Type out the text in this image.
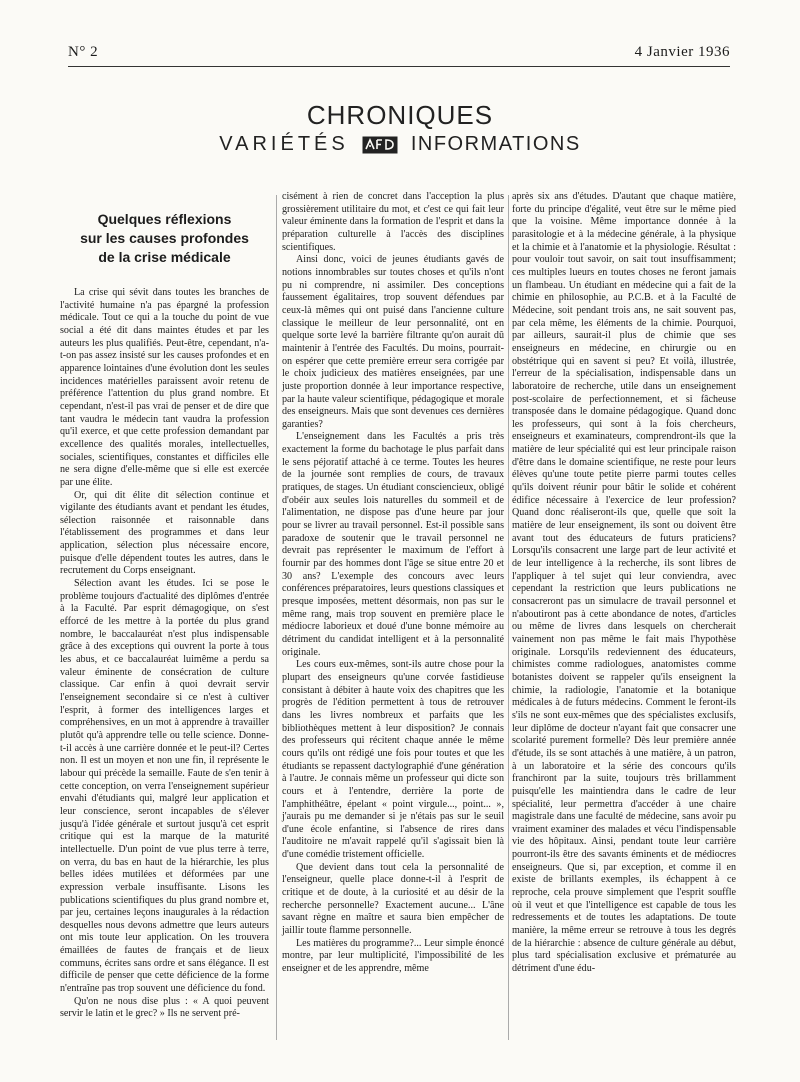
N° 2	4 Janvier 1936
CHRONIQUES
VARIÉTÉS	INFORMATIONS
Quelques réflexions
sur les causes profondes
de la crise médicale

La crise qui sévit dans toutes les branches de l'activité humaine n'a pas épargné la profession médicale. Tout ce qui a la touche du point de vue social a été dit dans maintes études et par les auteurs les plus qualifiés. Peut-être, cependant, n'a-t-on pas assez insisté sur les causes profondes et en apparence lointaines d'une évolution dont les seules incidences matérielles paraissent avoir retenu de préférence l'attention du plus grand nombre. Et cependant, n'est-il pas vrai de penser et de dire que tant vaudra le médecin tant vaudra la profession qu'il exerce, et que cette profession demandant par excellence des qualités morales, intellectuelles, sociales, scientifiques, constantes et difficiles elle ne sera digne d'elle-même que si elle est exercée par une élite.

Or, qui dit élite dit sélection continue et vigilante des étudiants avant et pendant les études, sélection raisonnée et raisonnable dans l'établissement des programmes et dans leur application, sélection plus nécessaire encore, puisque d'elle dépendent toutes les autres, dans le recrutement du Corps enseignant.

Sélection avant les études. Ici se pose le problème toujours d'actualité des diplômes d'entrée à la Faculté. Par esprit démagogique, on s'est efforcé de les mettre à la portée du plus grand nombre, le baccalauréat n'est plus indispensable grâce à des exceptions qui ouvrent la porte à tous les abus, et ce baccalauréat luimême a perdu sa valeur éminente de consécration de culture classique. Car enfin à quoi devrait servir l'enseignement secondaire si ce n'est à cultiver l'esprit, à former des intelligences larges et compréhensives, en un mot à apprendre à travailler plutôt qu'à apprendre telle ou telle science. Donne-t-il accès à une carrière donnée et le peut-il? Certes non. Il est un moyen et non une fin, il représente le labour qui précède la semaille. Faute de s'en tenir à cette conception, on verra l'enseignement supérieur envahi d'étudiants qui, malgré leur application et leur conscience, seront incapables de s'élever jusqu'à l'idée générale et surtout jusqu'à cet esprit critique qui est la marque de la maturité intellectuelle. D'un point de vue plus terre à terre, on verra, du bas en haut de la hiérarchie, les plus belles idées mutilées et déformées par une expression verbale insuffisante. Lisons les publications scientifiques du plus grand nombre et, par jeu, certaines leçons inaugurales à la rédaction desquelles nous devons admettre que leurs auteurs ont mis toute leur application. On les trouvera émaillées de fautes de français et de lieux communs, écrites sans ordre et sans élégance. Il est difficile de penser que cette déficience de la forme n'entraîne pas trop souvent une déficience du fond.

Qu'on ne nous dise plus : « A quoi peuvent servir le latin et le grec? » Ils ne servent pré-

cisément à rien de concret dans l'acception la plus grossièrement utilitaire du mot, et c'est ce qui fait leur valeur éminente dans la formation de l'esprit et dans la préparation culturelle à l'accès des disciplines scientifiques.

Ainsi donc, voici de jeunes étudiants gavés de notions innombrables sur toutes choses et qu'ils n'ont pu ni comprendre, ni assimiler. Des conceptions faussement égalitaires, trop souvent défendues par ceux-là mêmes qui ont puisé dans l'ancienne culture classique le meilleur de leur personnalité, ont en quelque sorte levé la barrière filtrante qu'on aurait dû maintenir à l'entrée des Facultés. Du moins, pourrait-on espérer que cette première erreur sera corrigée par le choix judicieux des matières enseignées, par une juste proportion donnée à leur importance respective, par la haute valeur scientifique, pédagogique et morale des enseigneurs. Mais que sont devenues ces dernières garanties?

L'enseignement dans les Facultés a pris très exactement la forme du bachotage le plus parfait dans le sens péjoratif attaché à ce terme. Toutes les heures de la journée sont remplies de cours, de travaux pratiques, de stages. Un étudiant consciencieux, obligé d'obéir aux seules lois naturelles du sommeil et de l'alimentation, ne dispose pas d'une heure par jour pour se livrer au travail personnel. Est-il possible sans paradoxe de soutenir que le travail personnel ne devrait pas représenter le maximum de l'effort à fournir par des hommes dont l'âge se situe entre 20 et 30 ans? L'exemple des concours avec leurs conférences préparatoires, leurs questions classiques et presque imposées, mettent désormais, non pas sur le même rang, mais trop souvent en première place le médiocre laborieux et doué d'une bonne mémoire au détriment du candidat intelligent et à la personnalité originale.

Les cours eux-mêmes, sont-ils autre chose pour la plupart des enseigneurs qu'une corvée fastidieuse consistant à débiter à haute voix des chapitres que les progrès de l'édition permettent à tous de retrouver dans les livres nombreux et parfaits que les bibliothèques mettent à leur disposition? Je connais des professeurs qui récitent chaque année le même cours qu'ils ont rédigé une fois pour toutes et que les étudiants se repassent dactylographié d'une génération à l'autre. Je connais même un professeur qui dicte son cours et à l'entendre, derrière la porte de l'amphithéâtre, épelant « point virgule..., point... », j'aurais pu me demander si je n'étais pas sur le seuil d'une école enfantine, si l'absence de rires dans l'auditoire ne m'avait rappelé qu'il s'agissait bien là d'une comédie tristement officielle.

Que devient dans tout cela la personnalité de l'enseigneur, quelle place donne-t-il à l'esprit de critique et de doute, à la curiosité et au désir de la recherche personnelle? Exactement aucune... L'âne savant règne en maître et saura bien empêcher de jaillir toute flamme personnelle.

Les matières du programme?... Leur simple énoncé montre, par leur multiplicité, l'impossibilité de les enseigner et de les apprendre, même

après six ans d'études. D'autant que chaque matière, forte du principe d'égalité, veut être sur le même pied que la voisine. Même importance donnée à la parasitologie et à la médecine générale, à la physique et la chimie et à l'anatomie et la physiologie. Résultat : pour vouloir tout savoir, on sait tout insuffisamment; ces multiples lueurs en toutes choses ne feront jamais un flambeau. Un étudiant en médecine qui a fait de la chimie en philosophie, au P.C.B. et à la Faculté de Médecine, soit pendant trois ans, ne sait souvent pas, par cela même, les éléments de la chimie. Pourquoi, par ailleurs, saurait-il plus de chimie que ses enseigneurs en médecine, en chirurgie ou en obstétrique qui en savent si peu? Et voilà, illustrée, l'erreur de la spécialisation, indispensable dans un laboratoire de recherche, utile dans un enseignement post-scolaire de perfectionnement, et si fâcheuse transposée dans le domaine pédagogique. Quand donc les professeurs, qui sont à la fois chercheurs, enseigneurs et examinateurs, comprendront-ils que la matière de leur spécialité qui est leur principale raison d'être dans le domaine scientifique, ne reste pour leurs élèves qu'une toute petite pierre parmi toutes celles qu'ils doivent réunir pour bâtir le solide et cohérent édifice nécessaire à l'exercice de leur profession? Quand donc réaliseront-ils que, quelle que soit la matière de leur enseignement, ils sont ou doivent être avant tout des éducateurs de futurs praticiens? Lorsqu'ils consacrent une large part de leur activité et de leur intelligence à la recherche, ils sont libres de l'appliquer à tel sujet qui leur conviendra, avec cependant la restriction que leurs publications ne consacreront pas un simulacre de travail personnel et n'aboutiront pas à cette abondance de notes, d'articles ou même de livres dans lesquels on chercherait vainement non pas même le fait mais l'hypothèse originale. Lorsqu'ils redeviennent des éducateurs, chimistes comme radiologues, anatomistes comme botanistes doivent se rappeler qu'ils enseignent la chimie, la radiologie, l'anatomie et la botanique médicales à de futurs médecins. Comment le feront-ils s'ils ne sont eux-mêmes que des spécialistes exclusifs, leur diplôme de docteur n'ayant fait que consacrer une scolarité purement formelle? Dès leur première année d'étude, ils se sont attachés à une matière, à un patron, à un laboratoire et la série des concours qu'ils franchiront par la suite, toujours très brillamment puisqu'elle les maintiendra dans le cadre de leur spécialité, leur permettra d'accéder à une chaire magistrale dans une faculté de médecine, sans avoir pu vraiment examiner des malades et vécu l'indispensable vie des hôpitaux. Ainsi, pendant toute leur carrière pourront-ils être des savants éminents et de médiocres enseigneurs. Que si, par exception, et comme il en existe de brillants exemples, ils échappent à ce reproche, cela prouve simplement que l'esprit souffle où il veut et que l'intelligence est capable de tous les redressements et de toutes les adaptations. De toute manière, la même erreur se retrouve à tous les degrés de la hiérarchie : absence de culture générale au début, plus tard spécialisation exclusive et prématurée au détriment d'une édu-
